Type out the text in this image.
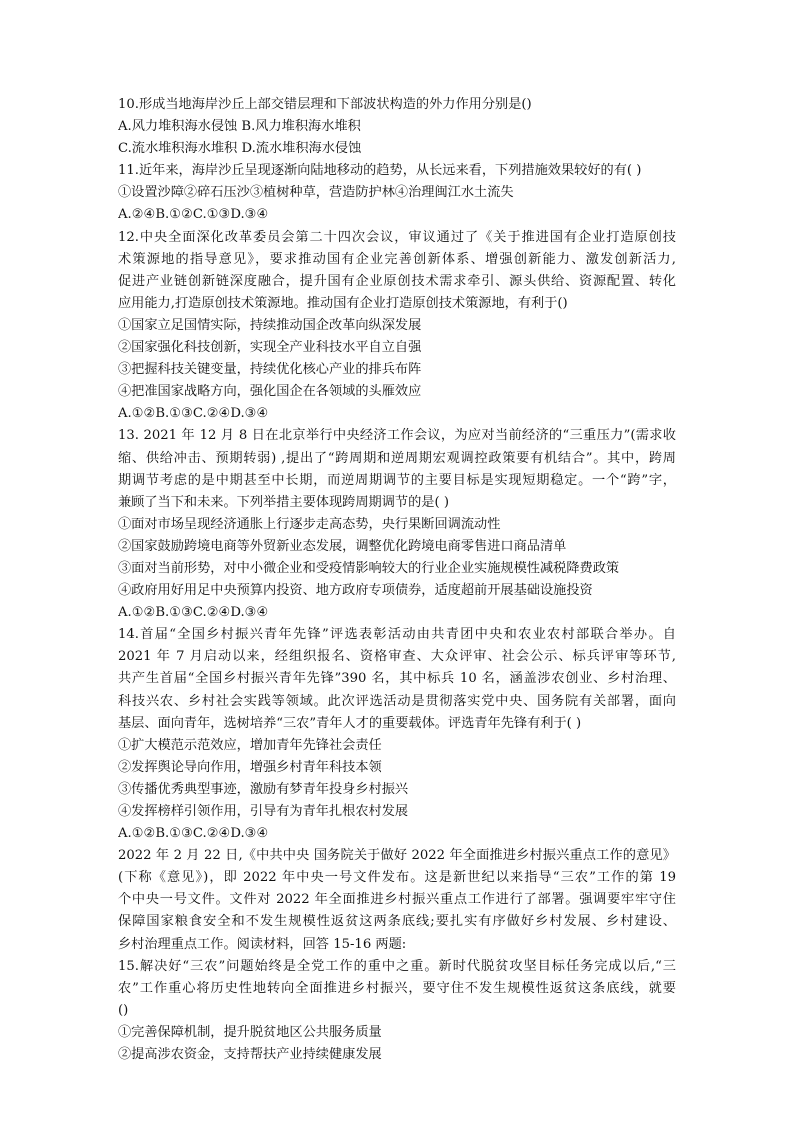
10.形成当地海岸沙丘上部交错层理和下部波状构造的外力作用分别是()
A.风力堆积海水侵蚀 B.风力堆积海水堆积
C.流水堆积海水堆积 D.流水堆积海水侵蚀
11.近年来，海岸沙丘呈现逐渐向陆地移动的趋势，从长远来看，下列措施效果较好的有( )
①设置沙障②碎石压沙③植树种草，营造防护林④治理闽江水土流失
A.②④B.①②C.①③D.③④
12.中央全面深化改革委员会第二十四次会议，审议通过了《关于推进国有企业打造原创技
术策源地的指导意见》，要求推动国有企业完善创新体系、增强创新能力、激发创新活力,
促进产业链创新链深度融合，提升国有企业原创技术需求牵引、源头供给、资源配置、转化
应用能力,打造原创技术策源地。推动国有企业打造原创技术策源地，有利于()
①国家立足国情实际，持续推动国企改革向纵深发展
②国家强化科技创新，实现全产业科技水平自立自强
③把握科技关键变量，持续优化核心产业的排兵布阵
④把准国家战略方向，强化国企在各领域的头雁效应
A.①②B.①③C.②④D.③④
13. 2021 年 12 月 8 日在北京举行中央经济工作会议，为应对当前经济的“三重压力”(需求收
缩、供给冲击、预期转弱) ,提出了“跨周期和逆周期宏观调控政策要有机结合”。其中，跨周
期调节考虑的是中期甚至中长期，而逆周期调节的主要目标是实现短期稳定。一个“跨”字，
兼顾了当下和未来。下列举措主要体现跨周期调节的是( )
①面对市场呈现经济通胀上行逐步走高态势，央行果断回调流动性
②国家鼓励跨境电商等外贸新业态发展，调整优化跨境电商零售进口商品清单
③面对当前形势，对中小微企业和受疫情影响较大的行业企业实施规模性减税降费政策
④政府用好用足中央预算内投资、地方政府专项债券，适度超前开展基础设施投资
A.①②B.①③C.②④D.③④
14.首届“全国乡村振兴青年先锋”评选表彰活动由共青团中央和农业农村部联合举办。自
2021 年 7 月启动以来，经组织报名、资格审查、大众评审、社会公示、标兵评审等环节,
共产生首届“全国乡村振兴青年先锋”390 名，其中标兵 10 名，涵盖涉农创业、乡村治理、
科技兴农、乡村社会实践等领域。此次评选活动是贯彻落实党中央、国务院有关部署，面向
基层、面向青年，选树培养“三农”青年人才的重要载体。评选青年先锋有利于( )
①扩大模范示范效应，增加青年先锋社会责任
②发挥舆论导向作用，增强乡村青年科技本领
③传播优秀典型事迹，激励有梦青年投身乡村振兴
④发挥榜样引领作用，引导有为青年扎根农村发展
A.①②B.①③C.②④D.③④
2022 年 2 月 22 日,《中共中央 国务院关于做好 2022 年全面推进乡村振兴重点工作的意见》
(下称《意见》)，即 2022 年中央一号文件发布。这是新世纪以来指导“三农”工作的第 19
个中央一号文件。文件对 2022 年全面推进乡村振兴重点工作进行了部署。强调要牢牢守住
保障国家粮食安全和不发生规模性返贫这两条底线;要扎实有序做好乡村发展、乡村建设、
乡村治理重点工作。阅读材料，回答 15-16 两题:
15.解决好“三农”问题始终是全党工作的重中之重。新时代脱贫攻坚目标任务完成以后,“三
农”工作重心将历史性地转向全面推进乡村振兴，要守住不发生规模性返贫这条底线，就要
()
①完善保障机制，提升脱贫地区公共服务质量
②提高涉农资金，支持帮扶产业持续健康发展
